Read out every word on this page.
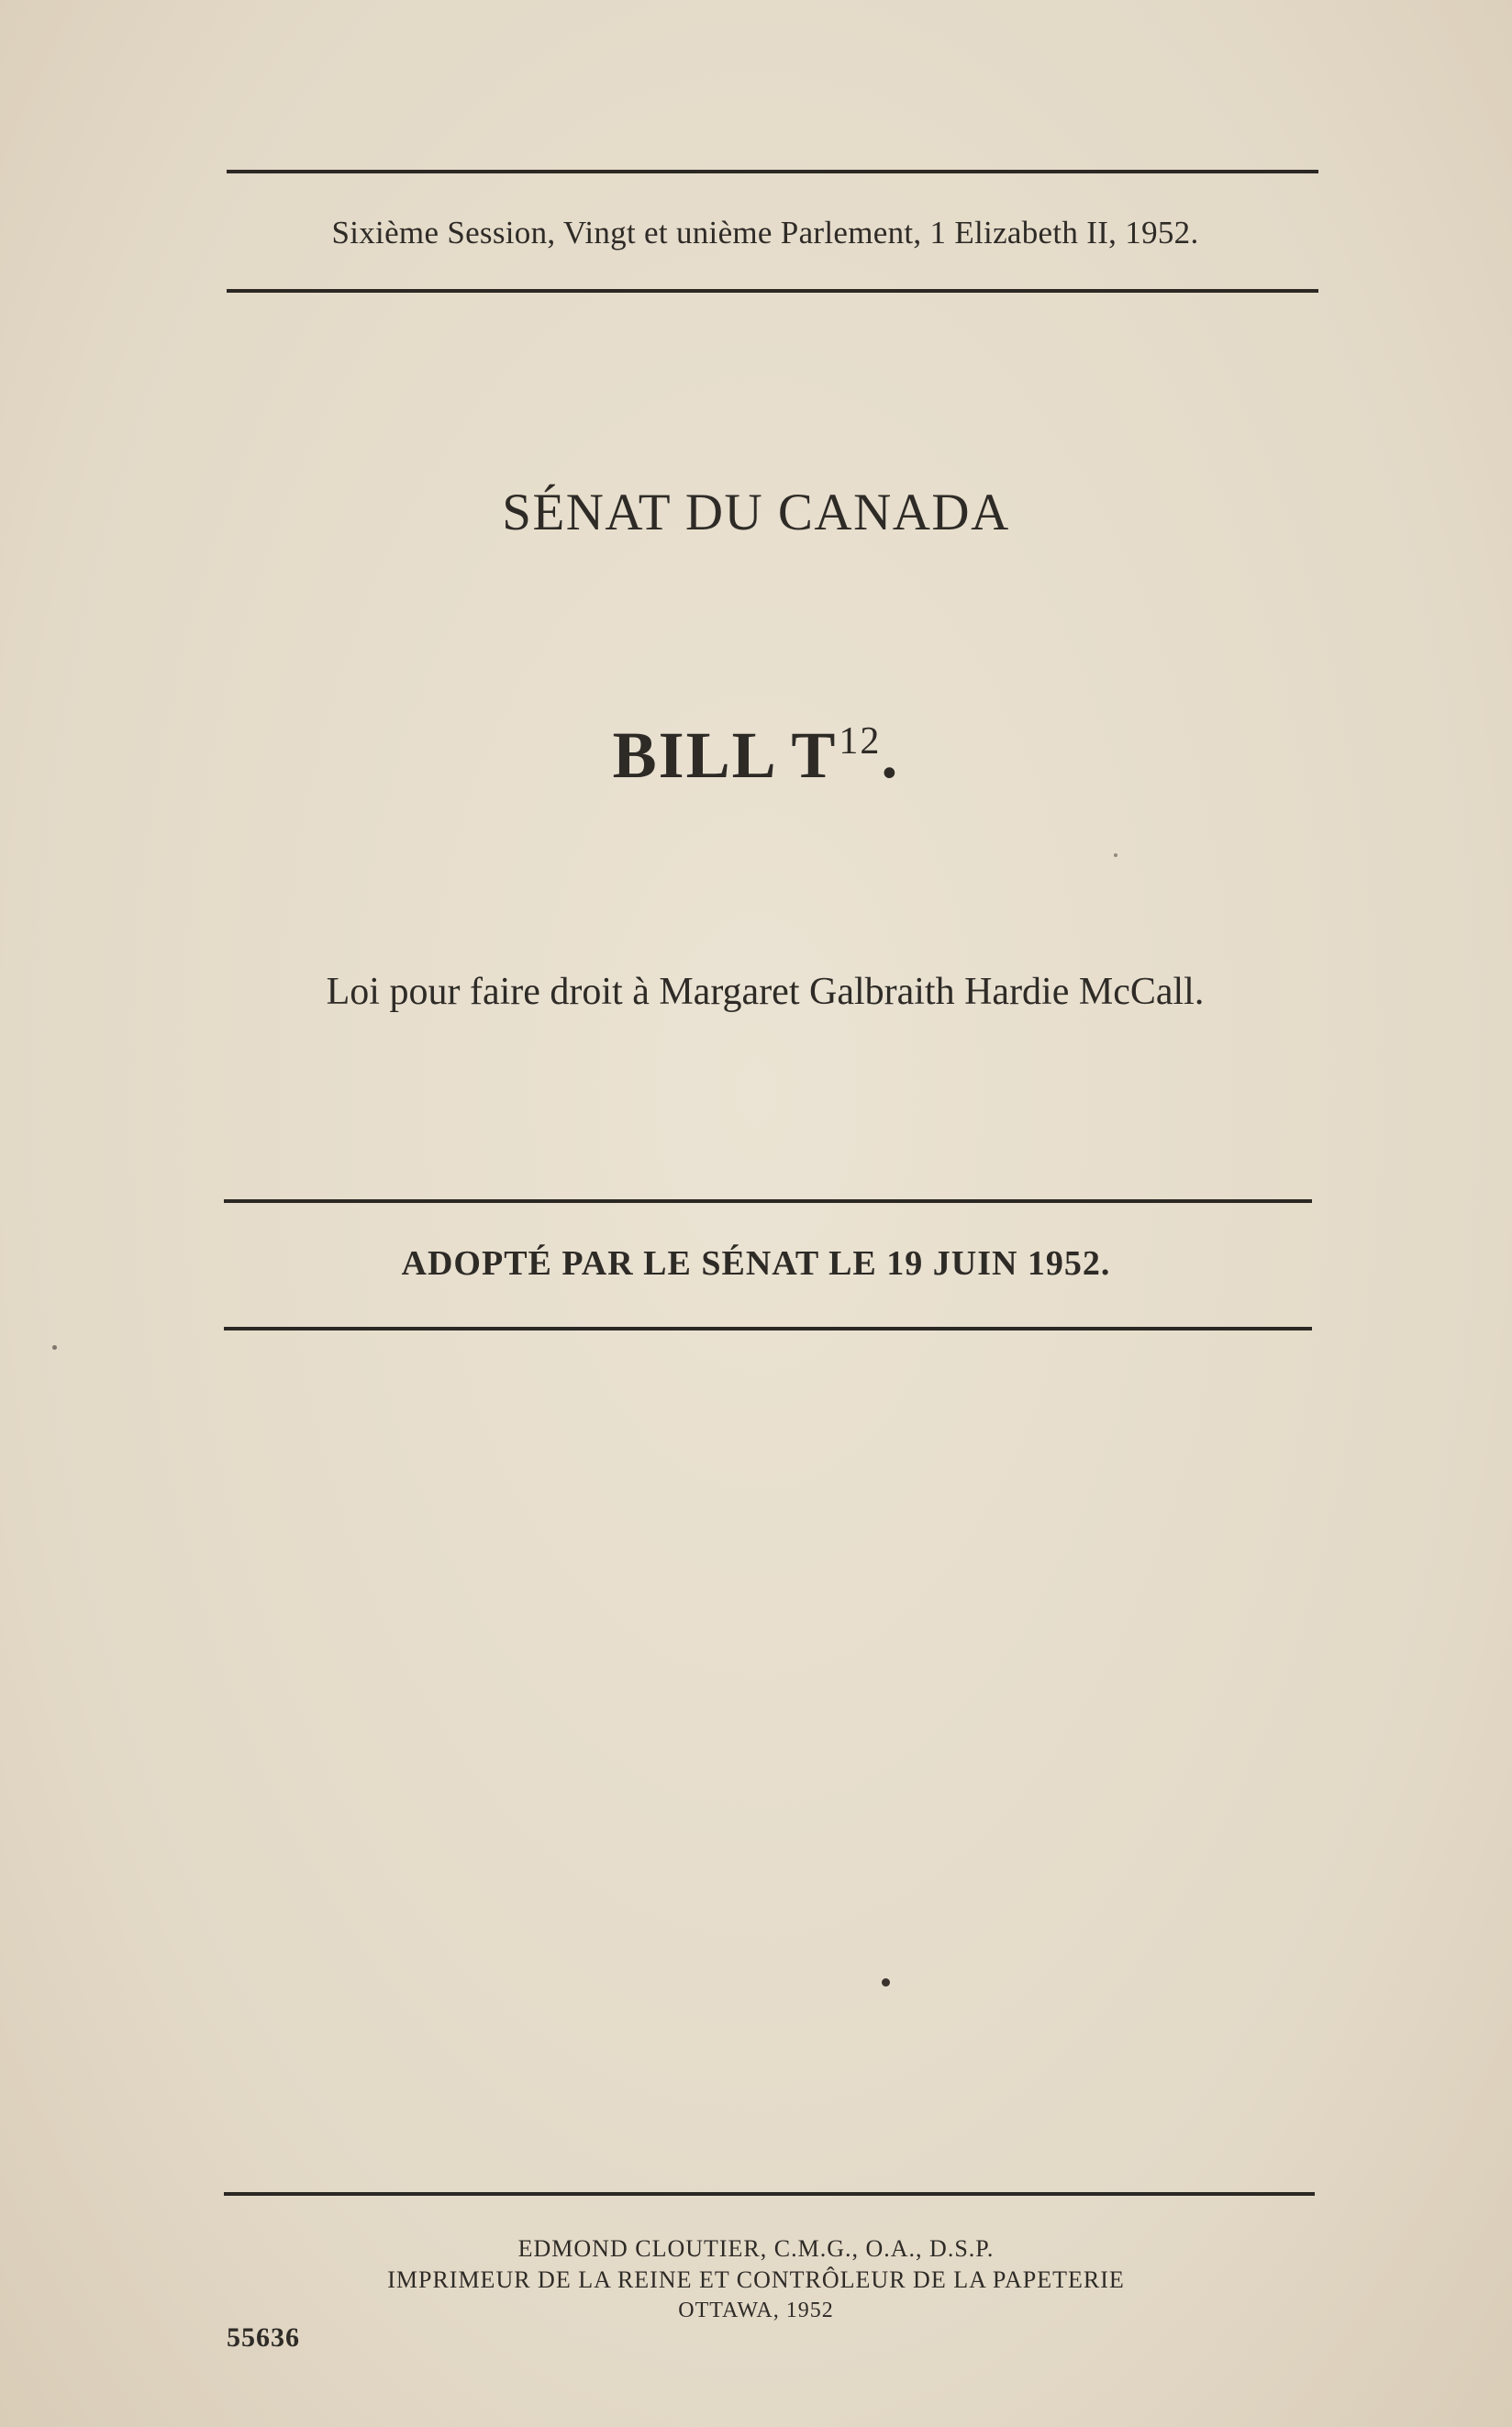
Sixième Session, Vingt et unième Parlement, 1 Elizabeth II, 1952.
SÉNAT DU CANADA
BILL $T^{12}$.
Loi pour faire droit à Margaret Galbraith Hardie McCall.
ADOPTÉ PAR LE SÉNAT LE 19 JUIN 1952.
EDMOND CLOUTIER, C.M.G., O.A., D.S.P.
IMPRIMEUR DE LA REINE ET CONTRÔLEUR DE LA PAPETERIE
OTTAWA, 1952
55636
